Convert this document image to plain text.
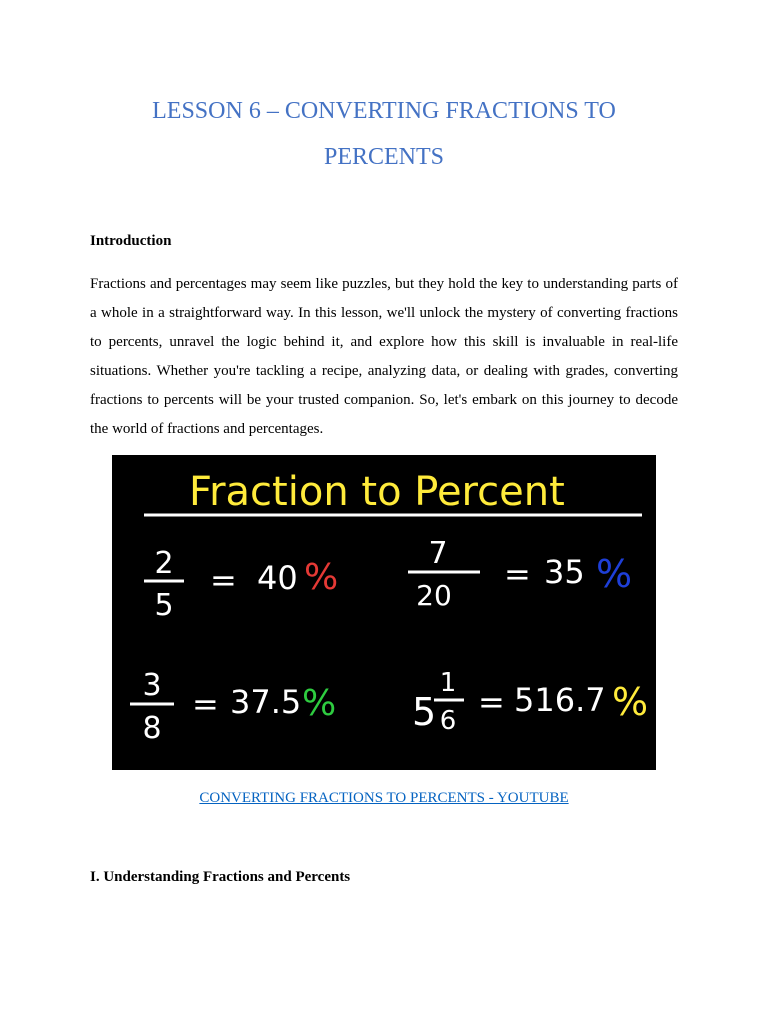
LESSON 6 – CONVERTING FRACTIONS TO PERCENTS
Introduction

Fractions and percentages may seem like puzzles, but they hold the key to understanding parts of a whole in a straightforward way. In this lesson, we'll unlock the mystery of converting fractions to percents, unravel the logic behind it, and explore how this skill is invaluable in real-life situations. Whether you're tackling a recipe, analyzing data, or dealing with grades, converting fractions to percents will be your trusted companion. So, let's embark on this journey to decode the world of fractions and percentages.

Fraction to Percent
2
5
= 40 %
7
20
= 35 %
3
8
= 37.5 % 5
1
6 = 516.7 %
CONVERTING FRACTIONS TO PERCENTS - YOUTUBE
I. Understanding Fractions and Percents
